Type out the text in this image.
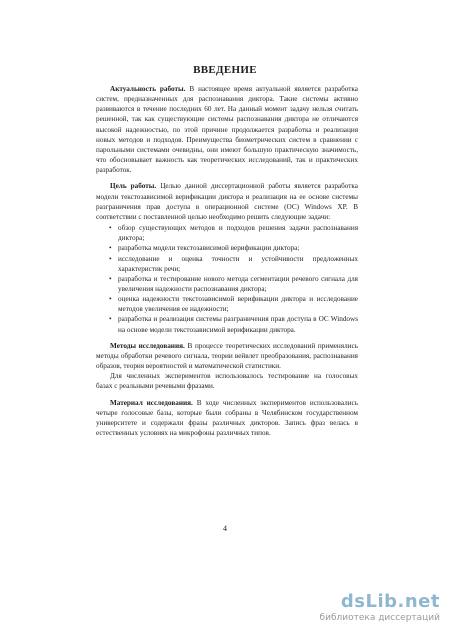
ВВЕДЕНИЕ

Актуальность работы. В настоящее время актуальной является разработка систем, предназначенных для распознавания диктора. Такие системы активно развиваются в течение последних 60 лет. На данный момент задачу нельзя считать решенной, так как существующие системы распознавания диктора не отличаются высокой надежностью, по этой причине продолжается разработка и реализация новых методов и подходов. Преимущества биометрических систем в сравнении с парольными системами очевидны, они имеют большую практическую значимость, что обосновывает важность как теоретических исследований, так и практических разработок.

Цель работы. Целью данной диссертационной работы является разработка модели текстозависимой верификации диктора и реализация на ее основе системы разграничения прав доступа в операционной системе (ОС) Windows XP. В соответствии с поставленной целью необходимо решить следующие задачи:

• обзор существующих методов и подходов решения задачи распознавания диктора;
• разработка модели текстозависимой верификации диктора;
• исследование и оценка точности и устойчивости предложенных характеристик речи;
• разработка и тестирование нового метода сегментации речевого сигнала для увеличения надежности распознавания диктора;
• оценка надежности текстозависимой верификации диктора и исследование методов увеличения ее надежности;
• разработка и реализация системы разграничения прав доступа в ОС Windows на основе модели текстозависимой верификации диктора.

Методы исследования. В процессе теоретических исследований применялись методы обработки речевого сигнала, теории вейвлет преобразования, распознавания образов, теория вероятностей и математической статистики.

Для численных экспериментов использовалось тестирование на голосовых базах с реальными речевыми фразами.

Материал исследования. В ходе численных экспериментов использовались четыре голосовые базы, которые были собраны в Челябинском государственном университете и содержали фразы различных дикторов. Запись фраз велась в естественных условиях на микрофоны различных типов.

4
dsLib.net
библиотека диссертаций
